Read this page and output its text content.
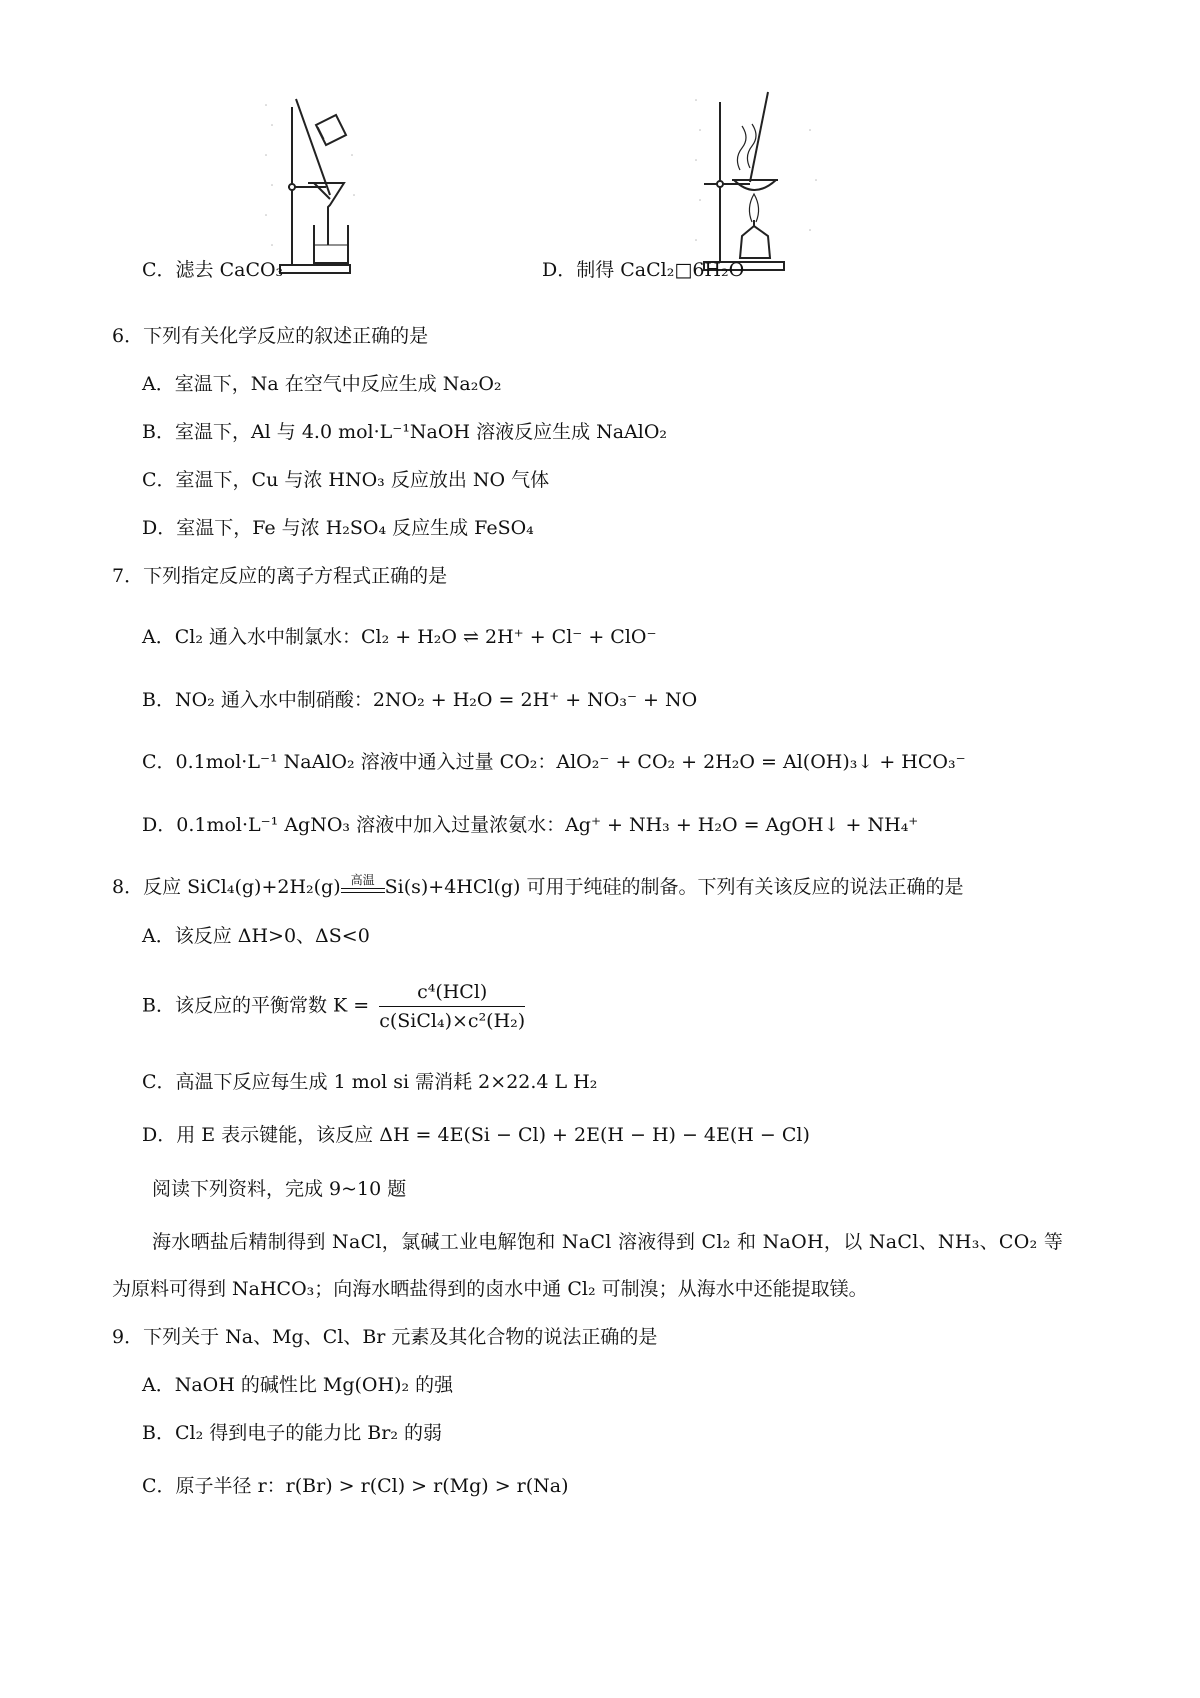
C．滤去 CaCO₃	D．制得 CaCl₂□6H₂O
6．下列有关化学反应的叙述正确的是
A．室温下，Na 在空气中反应生成 Na₂O₂
B．室温下，Al 与 4.0 mol·L⁻¹NaOH 溶液反应生成 NaAlO₂
C．室温下，Cu 与浓 HNO₃ 反应放出 NO 气体
D．室温下，Fe 与浓 H₂SO₄ 反应生成 FeSO₄
7．下列指定反应的离子方程式正确的是
A．Cl₂ 通入水中制氯水：Cl₂ + H₂O ⇌ 2H⁺ + Cl⁻ + ClO⁻
B．NO₂ 通入水中制硝酸：2NO₂ + H₂O = 2H⁺ + NO₃⁻ + NO
C．0.1mol·L⁻¹ NaAlO₂ 溶液中通入过量 CO₂：AlO₂⁻ + CO₂ + 2H₂O = Al(OH)₃↓ + HCO₃⁻
D．0.1mol·L⁻¹ AgNO₃ 溶液中加入过量浓氨水：Ag⁺ + NH₃ + H₂O = AgOH↓ + NH₄⁺
8．反应 SiCl₄(g)+2H₂(g) 高温 Si(s)+4HCl(g) 可用于纯硅的制备。下列有关该反应的说法正确的是
A．该反应 ΔH>0、ΔS<0
B．该反应的平衡常数 $K = \frac{\text{c⁴(HCl)}}{\text{c(SiCl₄)×c²(H₂)}}$
C．高温下反应每生成 1 mol si 需消耗 2×22.4 L H₂
D．用 E 表示键能，该反应 ΔH = 4E(Si − Cl) + 2E(H − H) − 4E(H − Cl)
阅读下列资料，完成 9~10 题
海水晒盐后精制得到 NaCl，氯碱工业电解饱和 NaCl 溶液得到 Cl₂ 和 NaOH，以 NaCl、NH₃、CO₂ 等
为原料可得到 NaHCO₃；向海水晒盐得到的卤水中通 Cl₂ 可制溴；从海水中还能提取镁。
9．下列关于 Na、Mg、Cl、Br 元素及其化合物的说法正确的是
A．NaOH 的碱性比 Mg(OH)₂ 的强
B．Cl₂ 得到电子的能力比 Br₂ 的弱
C．原子半径 r：r(Br) > r(Cl) > r(Mg) > r(Na)
